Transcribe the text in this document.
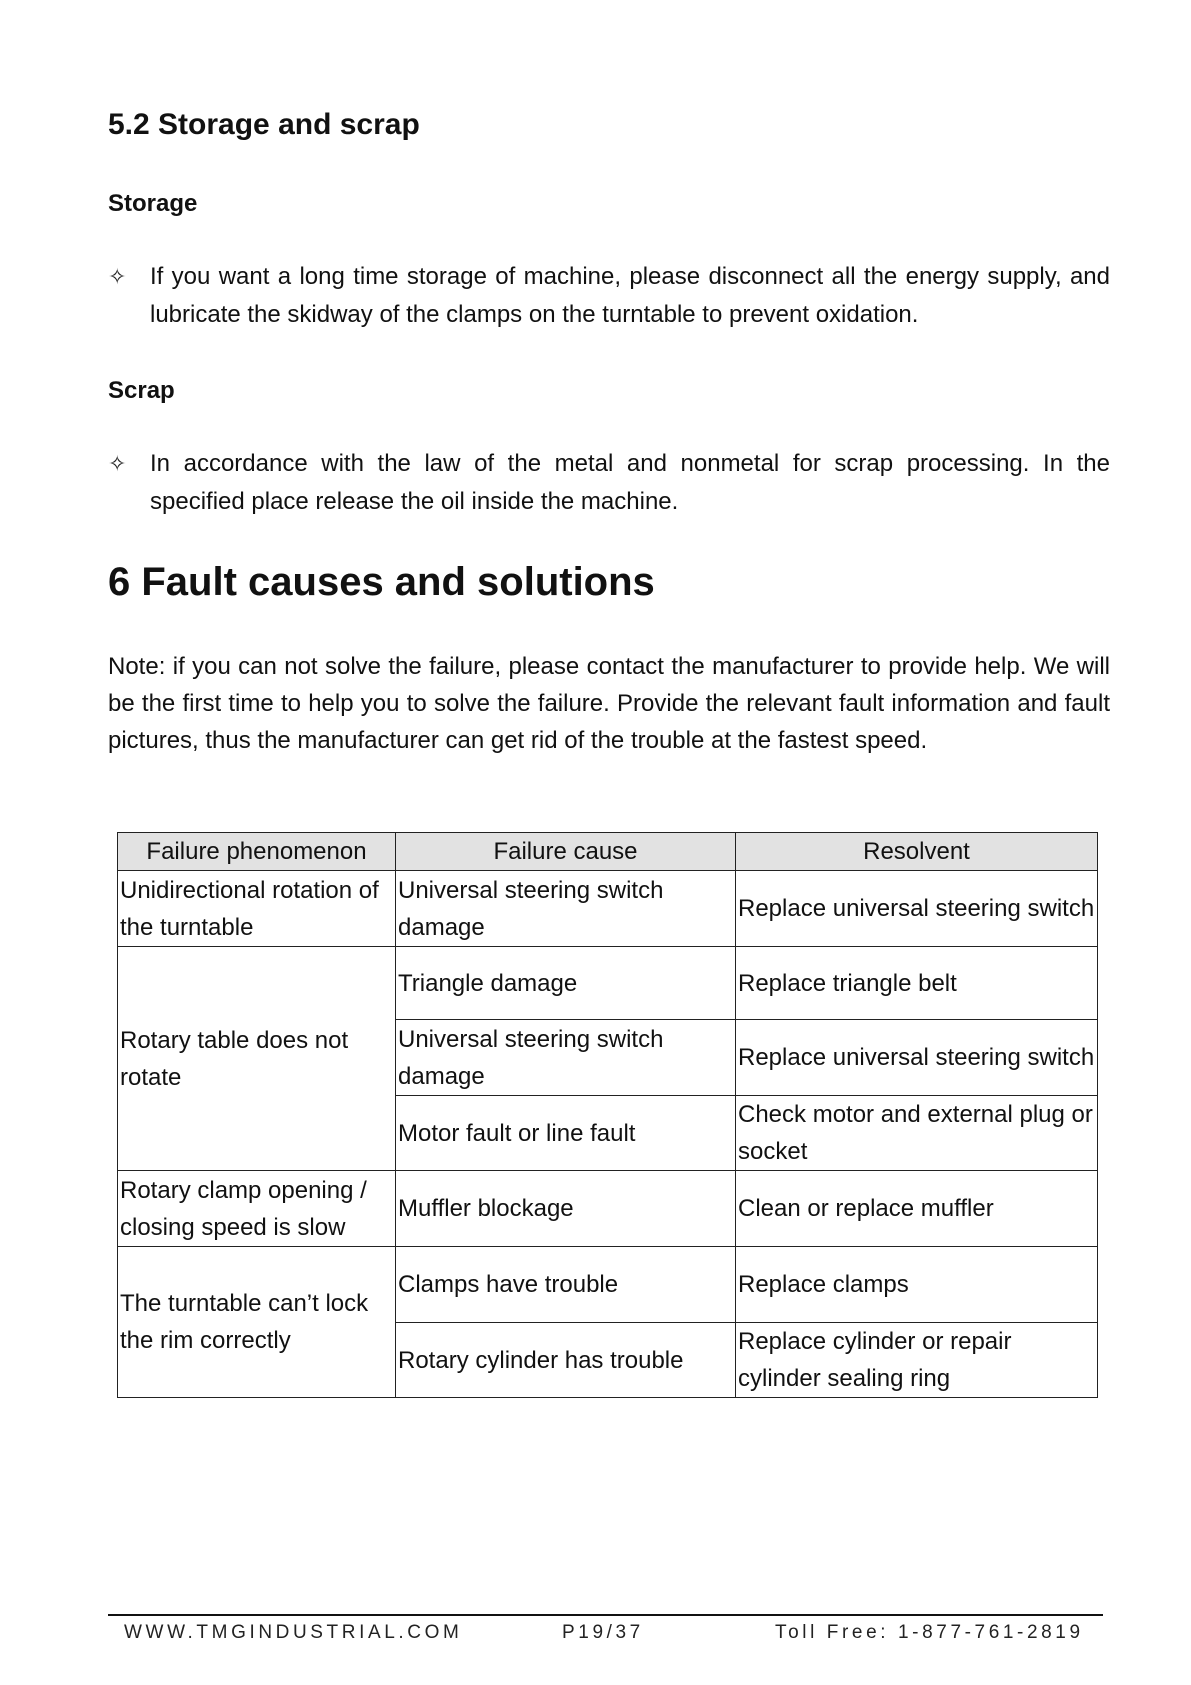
5.2 Storage and scrap
Storage
✧ If you want a long time storage of machine, please disconnect all the energy supply, and lubricate the skidway of the clamps on the turntable to prevent oxidation.
Scrap
✧ In accordance with the law of the metal and nonmetal for scrap processing. In the specified place release the oil inside the machine.
6 Fault causes and solutions

Note: if you can not solve the failure, please contact the manufacturer to provide help. We will be the first time to help you to solve the failure. Provide the relevant fault information and fault pictures, thus the manufacturer can get rid of the trouble at the fastest speed.

Failure phenomenon	Failure cause	Resolvent
Unidirectional rotation of the turntable	Universal steering switch damage	Replace universal steering switch
Rotary table does not rotate	Triangle damage	Replace triangle belt
	Universal steering switch damage	Replace universal steering switch
	Motor fault or line fault	Check motor and external plug or socket
Rotary clamp opening / closing speed is slow	Muffler blockage	Clean or replace muffler
The turntable can’t lock the rim correctly	Clamps have trouble	Replace clamps
	Rotary cylinder has trouble	Replace cylinder or repair cylinder sealing ring
WWW.TMGINDUSTRIAL.COM	P19/37	Toll Free: 1-877-761-2819
